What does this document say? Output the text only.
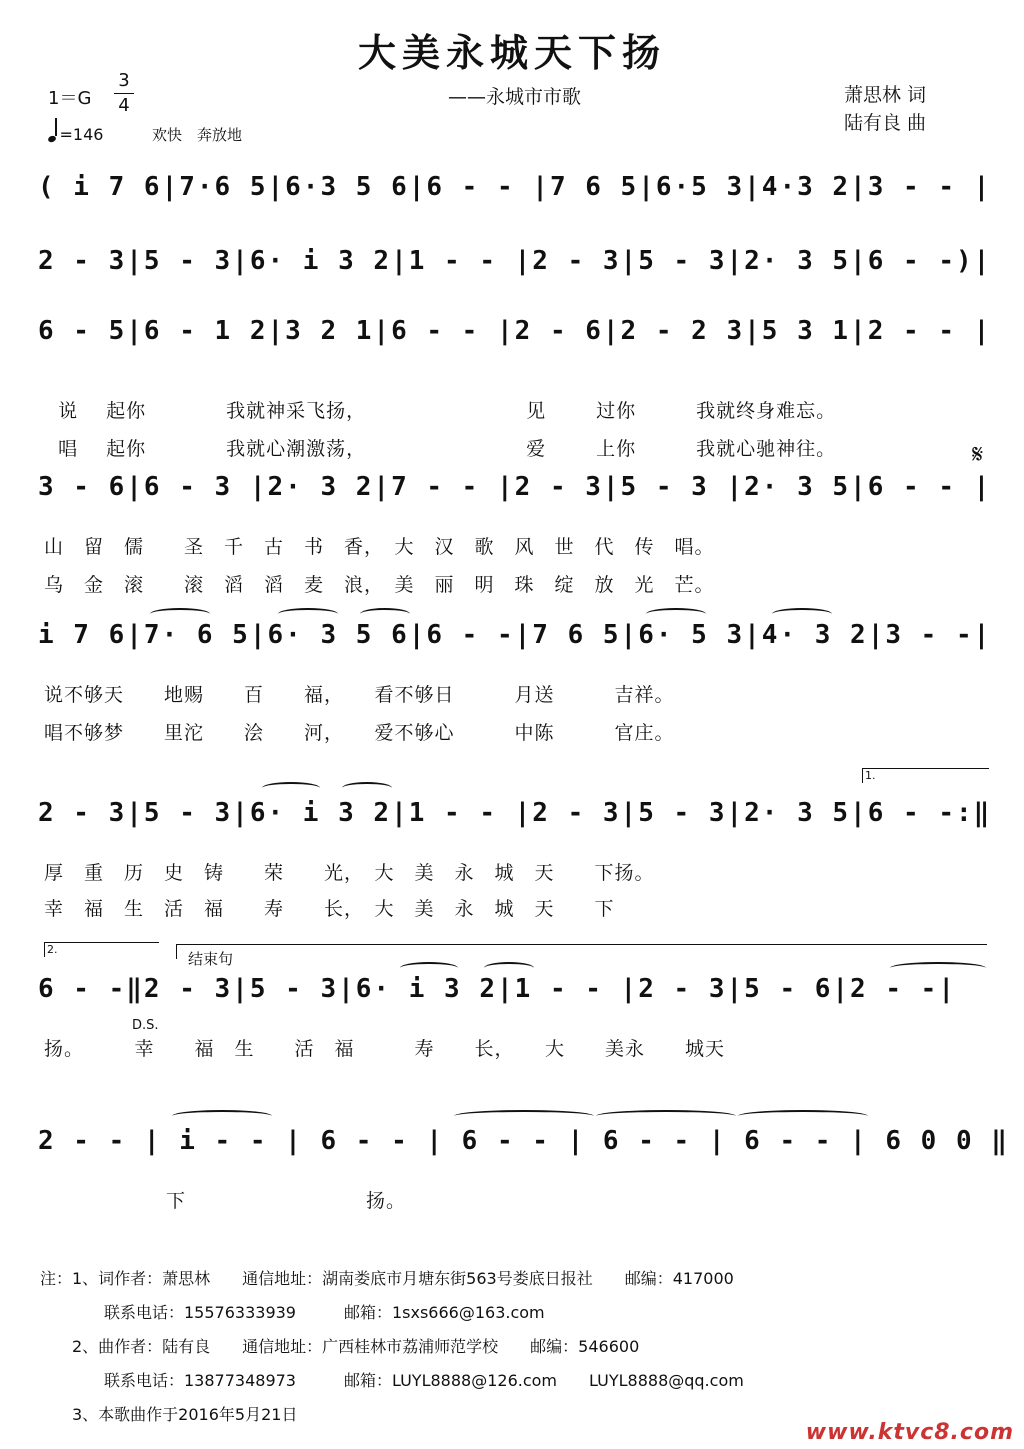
大美永城天下扬
——永城市市歌
1＝G
3
4
=146	欢快　奔放地
萧思林 词
陆有良 曲
( i 7 6|7·6 5|6·3 5 6|6 - - |7 6 5|6·5 3|4·3 2|3 - - |
2 - 3|5 - 3|6· i 3 2|1 - - |2 - 3|5 - 3|2· 3 5|6 - -)|
6 - 5|6 - 1 2|3 2 1|6 - - |2 - 6|2 - 2 3|5 3 1|2 - - |

说 起你	我就神采飞扬，	见	过你	我就终身难忘。

唱 起你	我就心潮激荡，	爱	上你	我就心驰神往。	𝄋
3 - 6|6 - 3 |2· 3 2|7 - - |2 - 3|5 - 3 |2· 3 5|6 - - |
山　留　儒　　圣　千　古　书　香，　大　汉　歌　风　世　代　传　唱。
乌　金　滚　　滚　滔　滔　麦　浪，　美　丽　明　珠　绽　放　光　芒。
i 7 6|7· 6 5|6· 3 5 6|6 - -|7 6 5|6· 5 3|4· 3 2|3 - -|
说不够天　　地赐　　百　　福，　　看不够日　　　月送　　　吉祥。
唱不够梦　　里沱　　浍　　河，　　爱不够心　　　中陈　　　官庄。
1.
2 - 3|5 - 3|6· i 3 2|1 - - |2 - 3|5 - 3|2· 3 5|6 - -:‖
厚　重　历　史　铸　　荣　　光，　大　美　永　城　天　　下扬。
幸　福　生　活　福　　寿　　长，　大　美　永　城　天　　下
2.
结束句
6 - -‖2 - 3|5 - 3|6· i 3 2|1 - - |2 - 3|5 - 6|2 - -|
D.S.
扬。　　　幸　　福　生　　活　福　　　寿　　长，　　大　　美永　　城天
2 - - | i - - | 6 - - | 6 - - | 6 - - | 6 - - | 6 0 0 ‖
下　　　　　　　　　扬。
注：1、词作者：萧思林　　通信地址：湖南娄底市月塘东街563号娄底日报社　　邮编：417000
　　　　联系电话：15576333939　　　邮箱：1sxs666@163.com
　　2、曲作者：陆有良　　通信地址：广西桂林市荔浦师范学校　　邮编：546600
　　　　联系电话：13877348973　　　邮箱：LUYL8888@126.com　　LUYL8888@qq.com
　　3、本歌曲作于2016年5月21日
www.ktvc8.com
